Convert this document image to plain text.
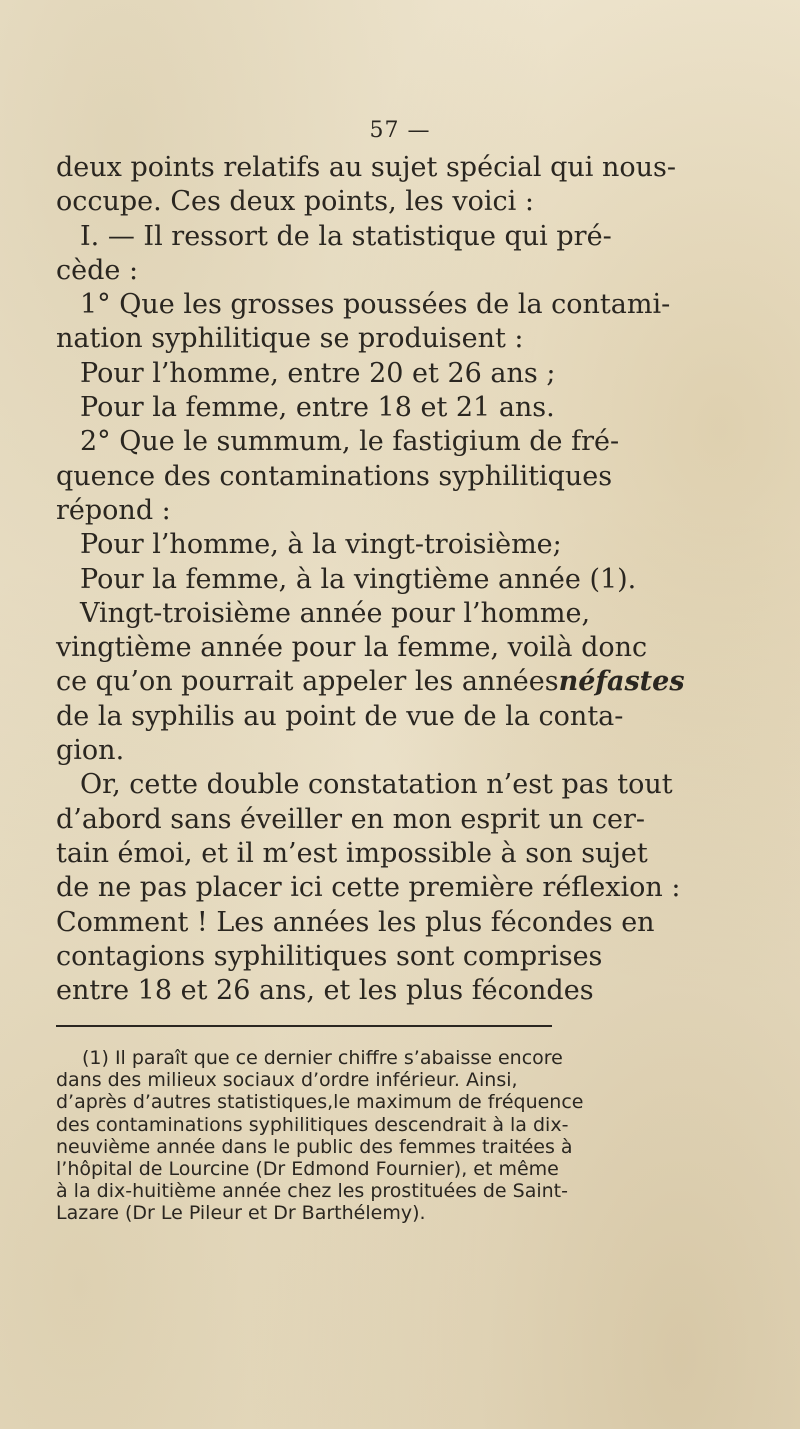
57 —
deux points relatifs au sujet spécial qui nous-
occupe. Ces deux points, les voici :
I. — Il ressort de la statistique qui pré-
cède :
1° Que les grosses poussées de la contami-
nation syphilitique se produisent :
Pour l’homme, entre 20 et 26 ans ;
Pour la femme, entre 18 et 21 ans.
2° Que le summum, le fastigium de fré-
quence des contaminations syphilitiques
répond :
Pour l’homme, à la vingt-troisième;
Pour la femme, à la vingtième année (1).
Vingt-troisième année pour l’homme,
vingtième année pour la femme, voilà donc
ce qu’on pourrait appeler les années néfastes
de la syphilis au point de vue de la conta-
gion.
Or, cette double constatation n’est pas tout
d’abord sans éveiller en mon esprit un cer-
tain émoi, et il m’est impossible à son sujet
de ne pas placer ici cette première réflexion :
Comment ! Les années les plus fécondes en
contagions syphilitiques sont comprises
entre 18 et 26 ans, et les plus fécondes
(1) Il paraît que ce dernier chiffre s’abaisse encore
dans des milieux sociaux d’ordre inférieur. Ainsi,
d’après d’autres statistiques,le maximum de fréquence
des contaminations syphilitiques descendrait à la dix-
neuvième année dans le public des femmes traitées à
l’hôpital de Lourcine (Dr Edmond Fournier), et même
à la dix-huitième année chez les prostituées de Saint-
Lazare (Dr Le Pileur et Dr Barthélemy).
